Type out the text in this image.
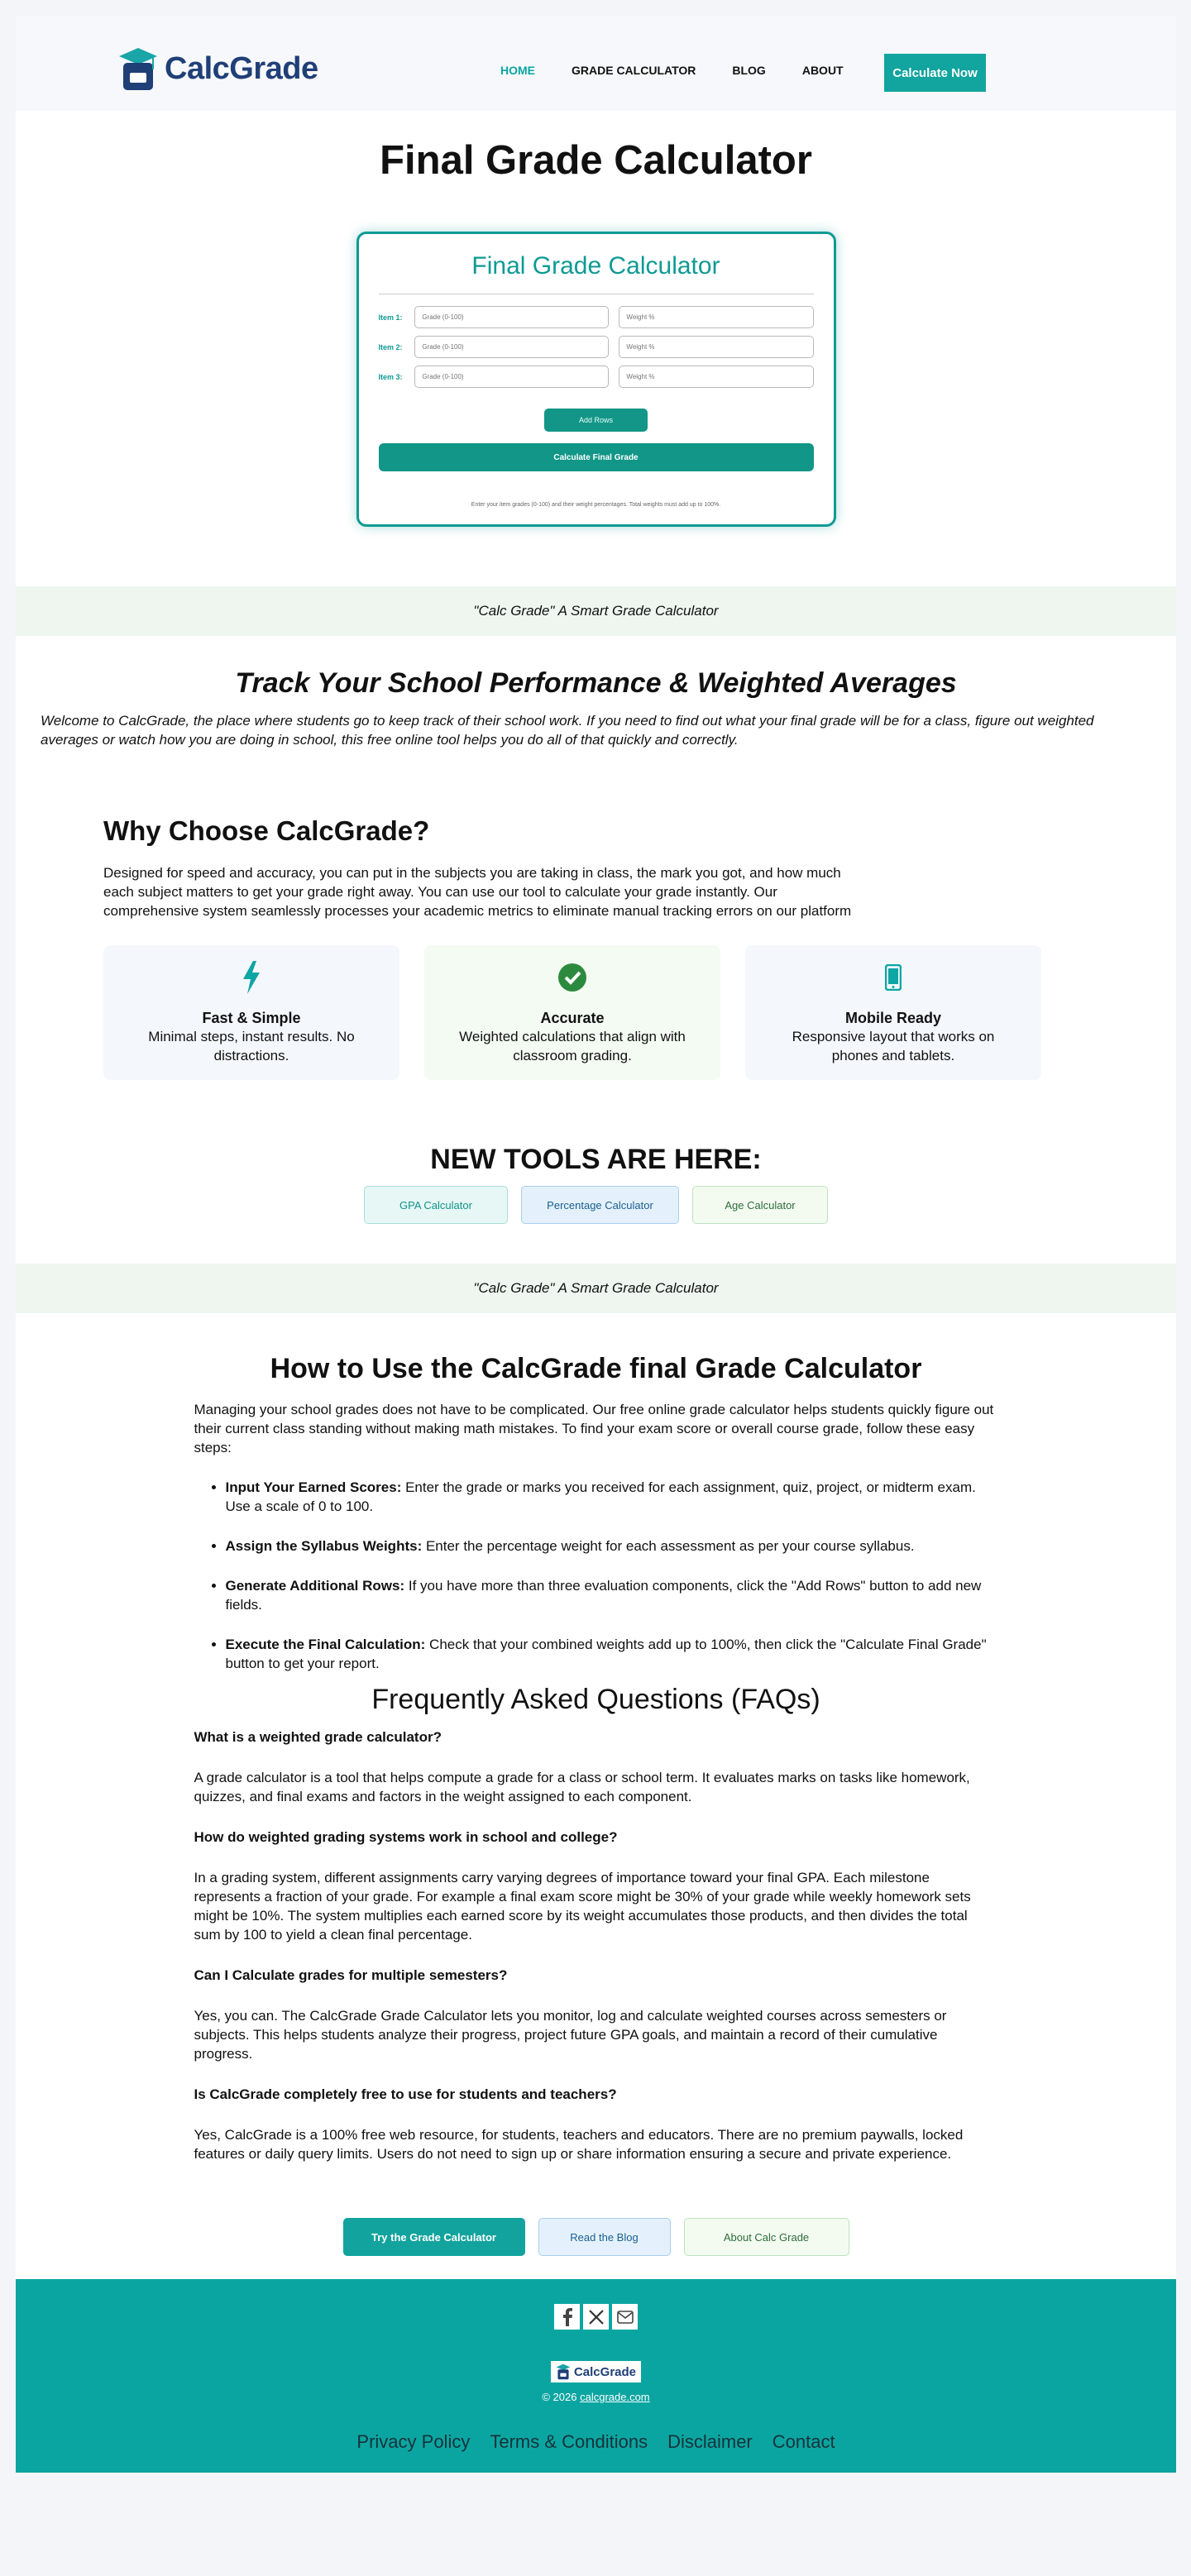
CalcGrade	HOME	GRADE CALCULATOR	BLOG	ABOUT	Calculate Now
Final Grade Calculator
Final Grade Calculator
Item 1:
Grade (0-100)
Weight %
Item 2:
Grade (0-100)
Weight %
Item 3:
Grade (0-100)
Weight %
Add Rows
Calculate Final Grade

Enter your item grades (0-100) and their weight percentages. Total weights must add up to 100%.

"Calc Grade" A Smart Grade Calculator
Track Your School Performance & Weighted Averages

Welcome to CalcGrade, the place where students go to keep track of their school work. If you need to find out what your final grade will be for a class, figure out weighted averages or watch how you are doing in school, this free online tool helps you do all of that quickly and correctly.

Why Choose CalcGrade?

Designed for speed and accuracy, you can put in the subjects you are taking in class, the mark you got, and how much each subject matters to get your grade right away. You can use our tool to calculate your grade instantly. Our comprehensive system seamlessly processes your academic metrics to eliminate manual tracking errors on our platform

Fast & Simple

Minimal steps, instant results. No distractions.

Accurate

Weighted calculations that align with classroom grading.

Mobile Ready

Responsive layout that works on phones and tablets.

NEW TOOLS ARE HERE:
GPA Calculator	Percentage Calculator	Age Calculator
"Calc Grade" A Smart Grade Calculator
How to Use the CalcGrade final Grade Calculator

Managing your school grades does not have to be complicated. Our free online grade calculator helps students quickly figure out their current class standing without making math mistakes. To find your exam score or overall course grade, follow these easy steps:

• Input Your Earned Scores: Enter the grade or marks you received for each assignment, quiz, project, or midterm exam. Use a scale of 0 to 100.
• Assign the Syllabus Weights: Enter the percentage weight for each assessment as per your course syllabus.
• Generate Additional Rows: If you have more than three evaluation components, click the "Add Rows" button to add new fields.
• Execute the Final Calculation: Check that your combined weights add up to 100%, then click the "Calculate Final Grade" button to get your report.
Frequently Asked Questions (FAQs)

What is a weighted grade calculator?

A grade calculator is a tool that helps compute a grade for a class or school term. It evaluates marks on tasks like homework, quizzes, and final exams and factors in the weight assigned to each component.

How do weighted grading systems work in school and college?

In a grading system, different assignments carry varying degrees of importance toward your final GPA. Each milestone represents a fraction of your grade. For example a final exam score might be 30% of your grade while weekly homework sets might be 10%. The system multiplies each earned score by its weight accumulates those products, and then divides the total sum by 100 to yield a clean final percentage.

Can I Calculate grades for multiple semesters?

Yes, you can. The CalcGrade Grade Calculator lets you monitor, log and calculate weighted courses across semesters or subjects. This helps students analyze their progress, project future GPA goals, and maintain a record of their cumulative progress.

Is CalcGrade completely free to use for students and teachers?

Yes, CalcGrade is a 100% free web resource, for students, teachers and educators. There are no premium paywalls, locked features or daily query limits. Users do not need to sign up or share information ensuring a secure and private experience.

Try the Grade Calculator	Read the Blog	About Calc Grade
CalcGrade

© 2026 calcgrade.com

Privacy Policy Terms & Conditions Disclaimer Contact
